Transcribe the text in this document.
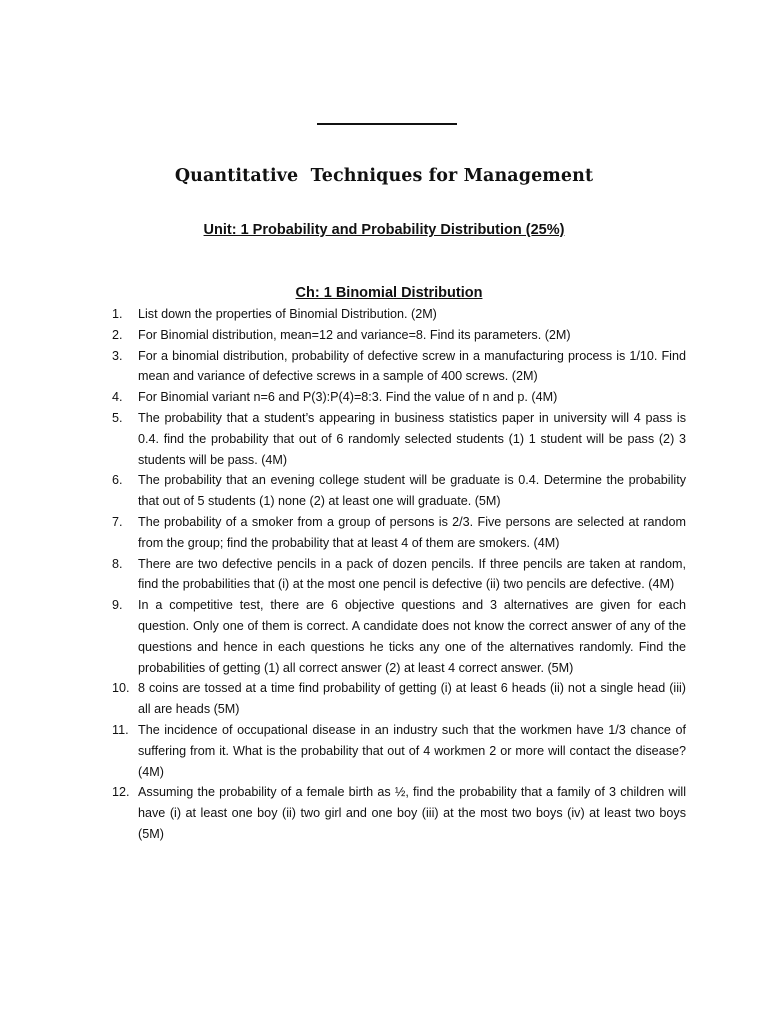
Quantitative  Techniques for Management
Unit: 1 Probability and Probability Distribution (25%)
Ch: 1 Binomial Distribution
1.	List down the properties of Binomial Distribution. (2M)
2.	For Binomial distribution, mean=12 and variance=8. Find its parameters. (2M)
3.	For a binomial distribution, probability of defective screw in a manufacturing process is 1/10. Find mean and variance of defective screws in a sample of 400 screws. (2M)
4.	For Binomial variant n=6 and P(3):P(4)=8:3. Find the value of n and p. (4M)
5.	The probability that a student’s appearing in business statistics paper in university will 4 pass is 0.4. find the probability that out of 6 randomly selected students (1) 1 student will be pass (2) 3 students will be pass. (4M)
6.	The probability that an evening college student will be graduate is 0.4. Determine the probability that out of 5 students (1) none (2) at least one will graduate. (5M)
7.	The probability of a smoker from a group of persons is 2/3. Five persons are selected at random from the group; find the probability that at least 4 of them are smokers. (4M)
8.	There are two defective pencils in a pack of dozen pencils. If three pencils are taken at random, find the probabilities that (i) at the most one pencil is defective (ii) two pencils are defective. (4M)
9.	In a competitive test, there are 6 objective questions and 3 alternatives are given for each question. Only one of them is correct. A candidate does not know the correct answer of any of the questions and hence in each questions he ticks any one of the alternatives randomly. Find the probabilities of getting (1) all correct answer (2) at least 4 correct answer. (5M)
10. 8 coins are tossed at a time find probability of getting (i) at least 6 heads (ii) not a single head (iii) all are heads (5M)
11. The incidence of occupational disease in an industry such that the workmen have 1/3 chance of suffering from it. What is the probability that out of 4 workmen 2 or more will contact the disease? (4M)
12. Assuming the probability of a female birth as ½, find the probability that a family of 3 children will have (i) at least one boy (ii) two girl and one boy (iii) at the most two boys (iv) at least two boys (5M)
